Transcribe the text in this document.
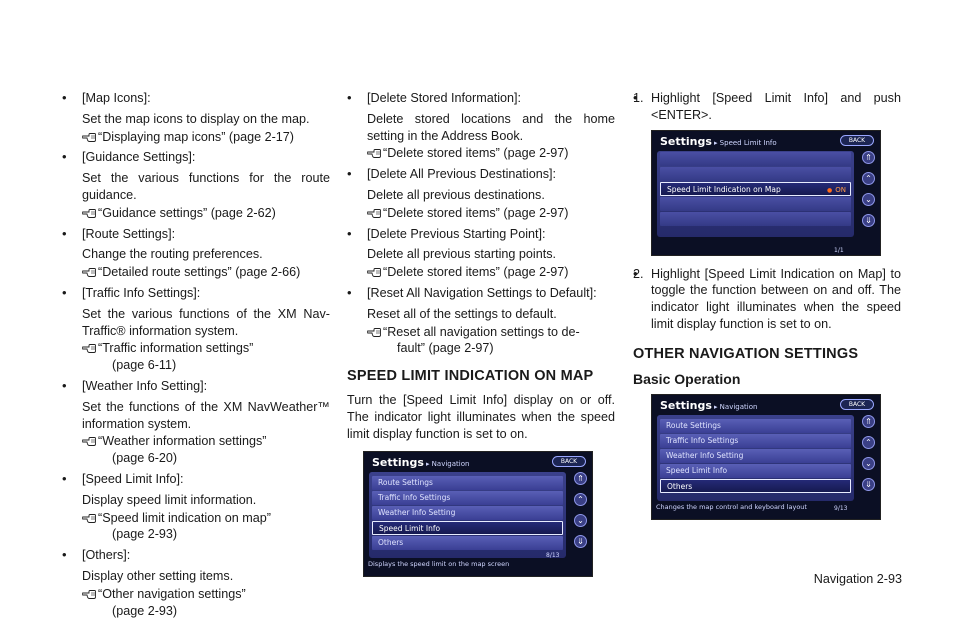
• [Map Icons]:
Set the map icons to display on the map.
“Displaying map icons” (page 2-17)
• [Guidance Settings]:
Set the various functions for the route guidance.
“Guidance settings” (page 2-62)
• [Route Settings]:
Change the routing preferences.
“Detailed route settings” (page 2-66)
• [Traffic Info Settings]:
Set the various functions of the XM Nav-Traffic® information system.
“Traffic information settings”
(page 6-11)
• [Weather Info Setting]:
Set the functions of the XM NavWeather™ information system.
“Weather information settings”
(page 6-20)
• [Speed Limit Info]:
Display speed limit information.
“Speed limit indication on map”
(page 2-93)
• [Others]:
Display other setting items.
“Other navigation settings”
(page 2-93)
• [Delete Stored Information]:
Delete stored locations and the home setting in the Address Book.
“Delete stored items” (page 2-97)
• [Delete All Previous Destinations]:
Delete all previous destinations.
“Delete stored items” (page 2-97)
• [Delete Previous Starting Point]:
Delete all previous starting points.
“Delete stored items” (page 2-97)
• [Reset All Navigation Settings to Default]:
Reset all of the settings to default.
“Reset all navigation settings to de-
fault” (page 2-97)
SPEED LIMIT INDICATION ON MAP

Turn the [Speed Limit Info] display on or off. The indicator light illuminates when the speed limit display function is set to on.

Settings ▸ Navigation	BACK
Route Settings
Traffic Info Settings
Weather Info Setting
Speed Limit Info
Others
⇑
⌃
⌄
⇓
8/13
Displays the speed limit on the map screen
• 1. Highlight [Speed Limit Info] and push <ENTER>.
Settings ▸ Speed Limit Info	BACK
Speed Limit Indication on Map
●	ON
⇑
⌃
⌄
⇓
1/1
• 2. Highlight [Speed Limit Indication on Map] to toggle the function between on and off. The indicator light illuminates when the speed limit display function is set to on.
OTHER NAVIGATION SETTINGS
Basic Operation
Settings ▸ Navigation	BACK
Route Settings
Traffic Info Settings
Weather Info Setting
Speed Limit Info
Others
⇑
⌃
⌄
⇓
9/13
Changes the map control and keyboard layout
Navigation 2-93
